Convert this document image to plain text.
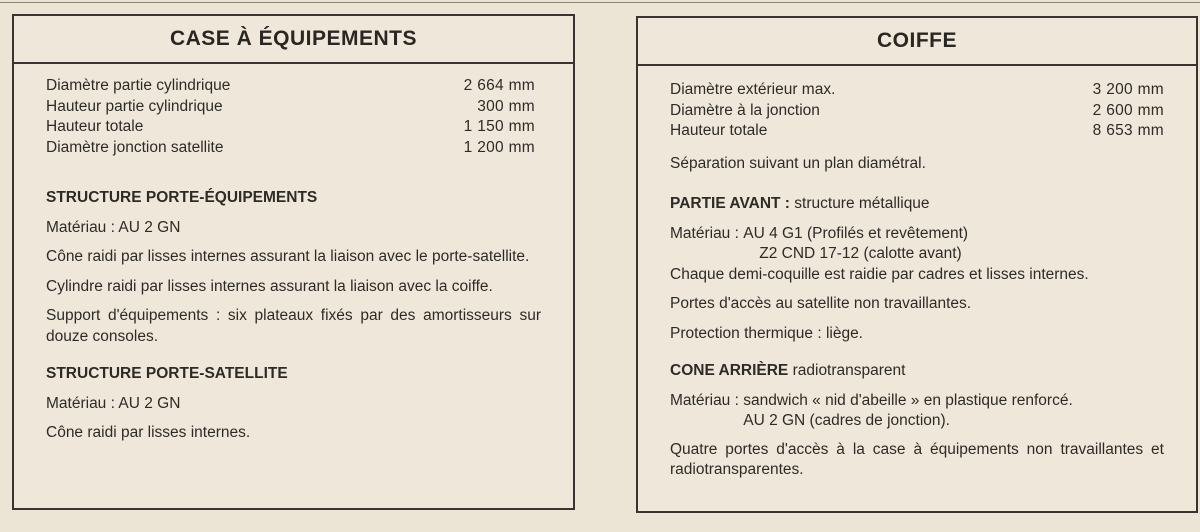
CASE À ÉQUIPEMENTS
Diamètre partie cylindrique	2 664 mm
Hauteur partie cylindrique	300 mm
Hauteur totale	1 150 mm
Diamètre jonction satellite	1 200 mm
STRUCTURE PORTE-ÉQUIPEMENTS
Matériau : AU 2 GN
Cône raidi par lisses internes assurant la liaison avec le porte-satellite.
Cylindre raidi par lisses internes assurant la liaison avec la coiffe.
Support d'équipements : six plateaux fixés par des amortisseurs sur douze consoles.
STRUCTURE PORTE-SATELLITE
Matériau : AU 2 GN
Cône raidi par lisses internes.
COIFFE
Diamètre extérieur max.	3 200 mm
Diamètre à la jonction	2 600 mm
Hauteur totale	8 653 mm
Séparation suivant un plan diamétral.
PARTIE AVANT : structure métallique
Matériau : AU 4 G1 (Profilés et revêtement)
Z2 CND 17-12 (calotte avant)
Chaque demi-coquille est raidie par cadres et lisses internes.
Portes d'accès au satellite non travaillantes.
Protection thermique : liège.
CONE ARRIÈRE radiotransparent
Matériau : sandwich « nid d'abeille » en plastique renforcé.
AU 2 GN (cadres de jonction).
Quatre portes d'accès à la case à équipements non travaillantes et radiotransparentes.
